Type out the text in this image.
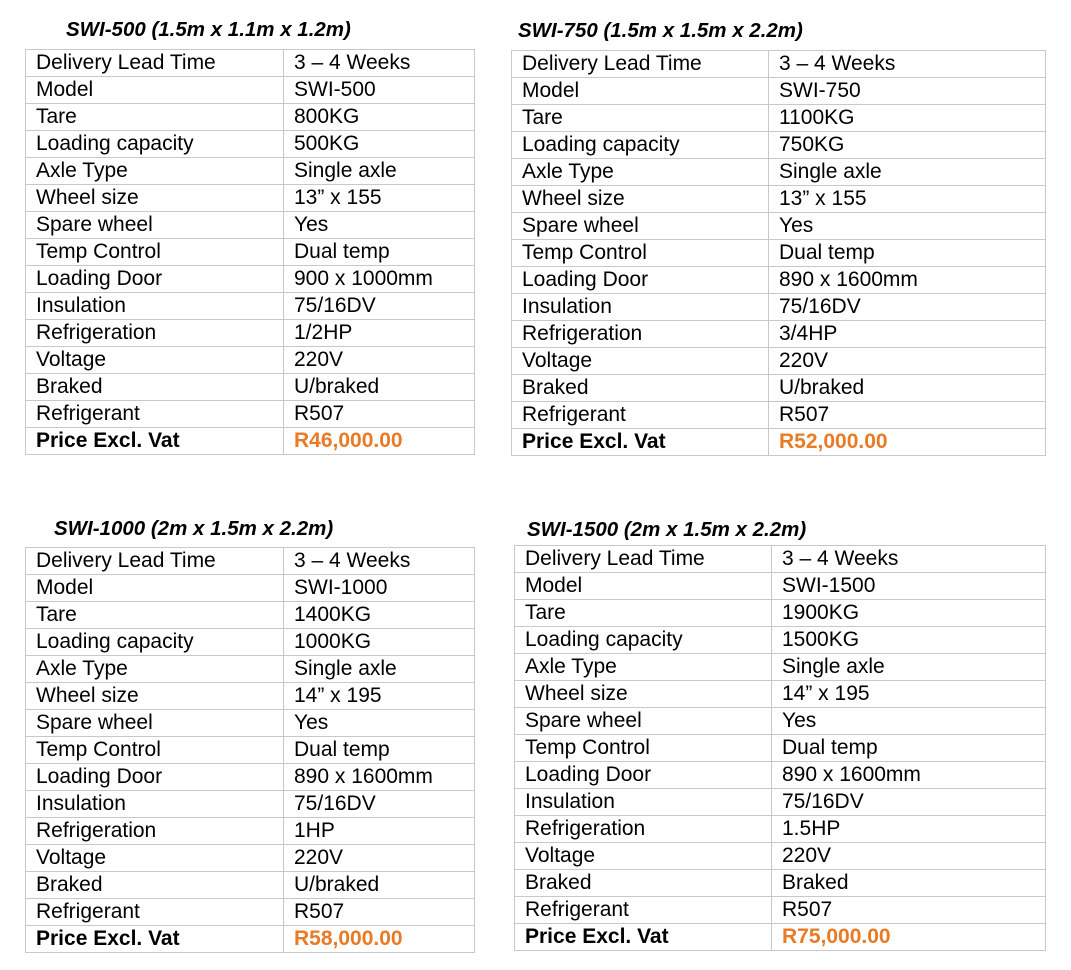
SWI-500 (1.5m x 1.1m x 1.2m)
Delivery Lead Time	3 – 4 Weeks
Model	SWI-500
Tare	800KG
Loading capacity	500KG
Axle Type	Single axle
Wheel size	13” x 155
Spare wheel	Yes
Temp Control	Dual temp
Loading Door	900 x 1000mm
Insulation	75/16DV
Refrigeration	1/2HP
Voltage	220V
Braked	U/braked
Refrigerant	R507
Price Excl. Vat	R46,000.00
SWI-750 (1.5m x 1.5m x 2.2m)
Delivery Lead Time	3 – 4 Weeks
Model	SWI-750
Tare	1100KG
Loading capacity	750KG
Axle Type	Single axle
Wheel size	13” x 155
Spare wheel	Yes
Temp Control	Dual temp
Loading Door	890 x 1600mm
Insulation	75/16DV
Refrigeration	3/4HP
Voltage	220V
Braked	U/braked
Refrigerant	R507
Price Excl. Vat	R52,000.00
SWI-1000 (2m x 1.5m x 2.2m)
Delivery Lead Time	3 – 4 Weeks
Model	SWI-1000
Tare	1400KG
Loading capacity	1000KG
Axle Type	Single axle
Wheel size	14” x 195
Spare wheel	Yes
Temp Control	Dual temp
Loading Door	890 x 1600mm
Insulation	75/16DV
Refrigeration	1HP
Voltage	220V
Braked	U/braked
Refrigerant	R507
Price Excl. Vat	R58,000.00
SWI-1500 (2m x 1.5m x 2.2m)
Delivery Lead Time	3 – 4 Weeks
Model	SWI-1500
Tare	1900KG
Loading capacity	1500KG
Axle Type	Single axle
Wheel size	14” x 195
Spare wheel	Yes
Temp Control	Dual temp
Loading Door	890 x 1600mm
Insulation	75/16DV
Refrigeration	1.5HP
Voltage	220V
Braked	Braked
Refrigerant	R507
Price Excl. Vat	R75,000.00
